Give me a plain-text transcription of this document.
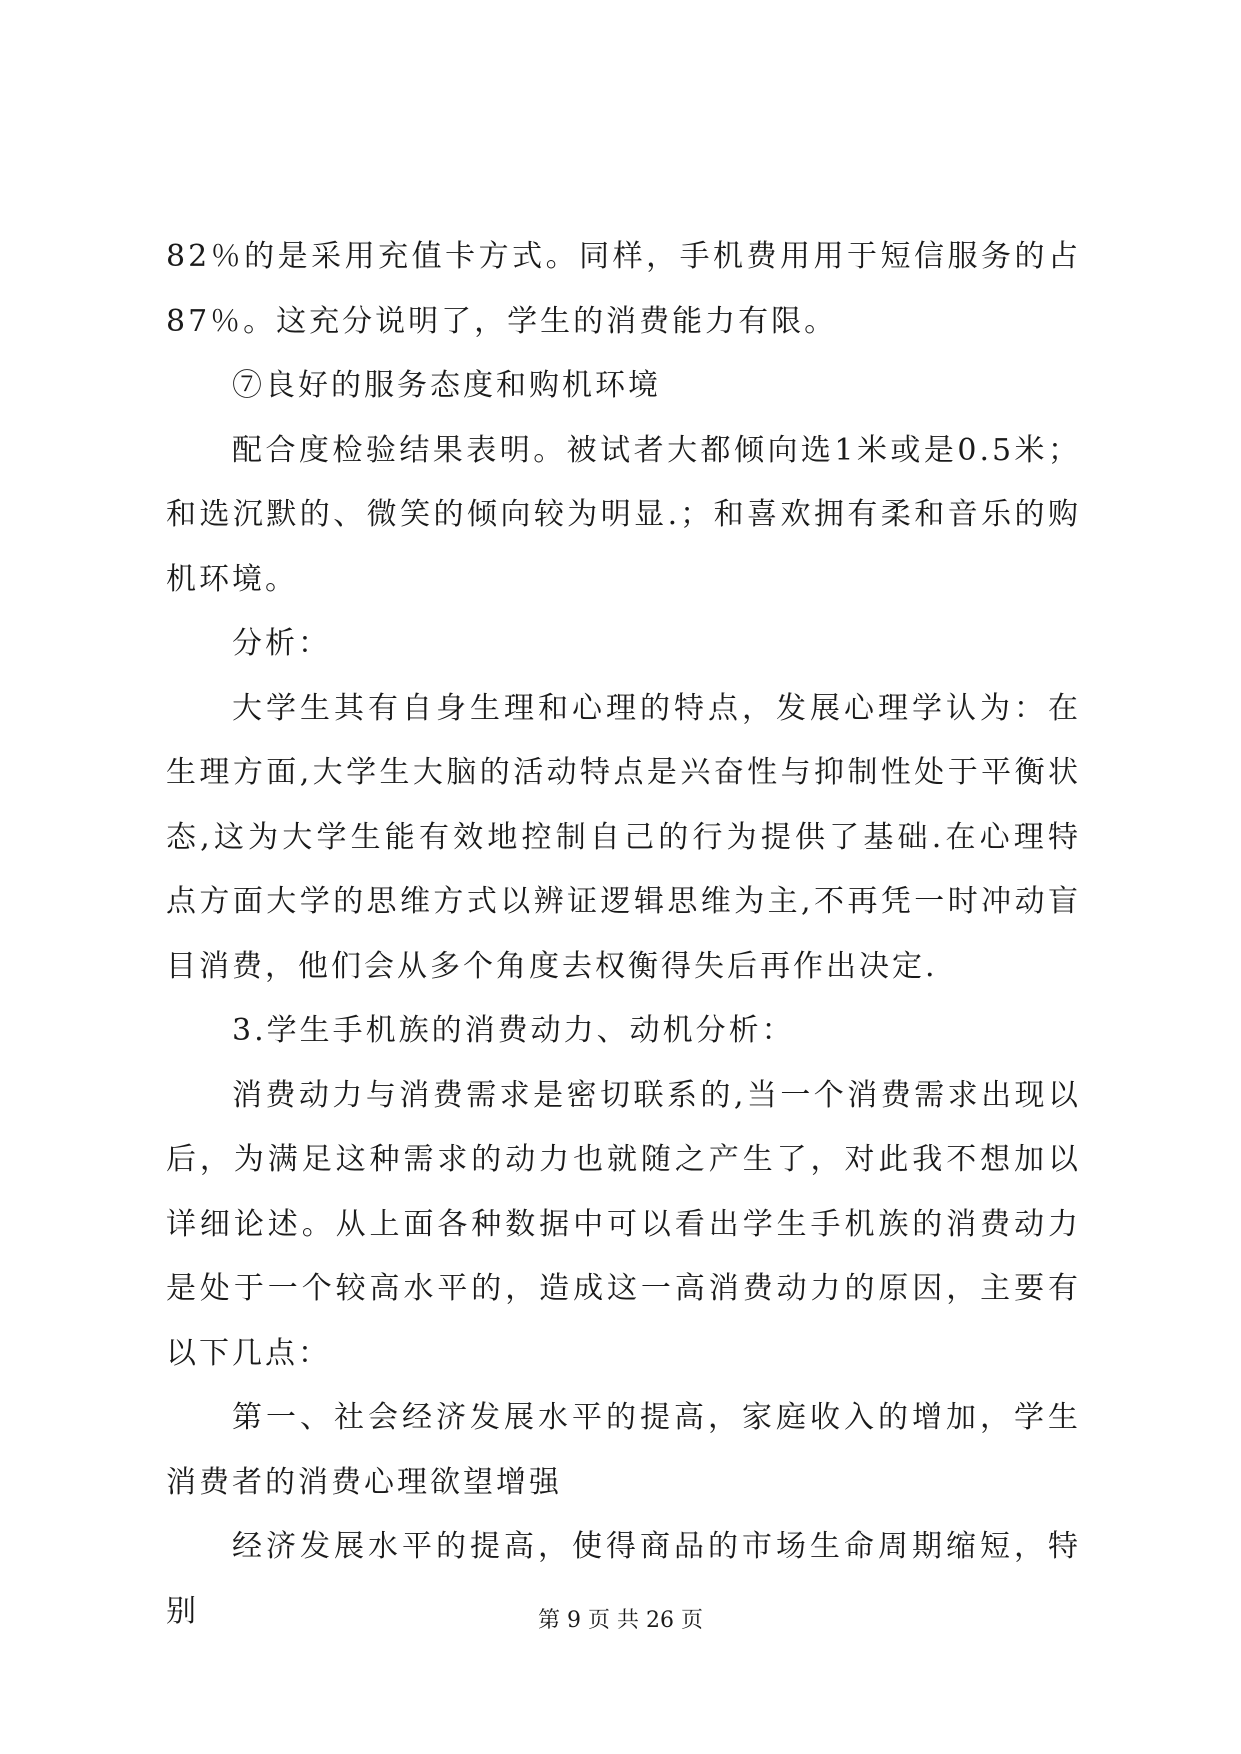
82％的是采用充值卡方式。同样，手机费用用于短信服务的占87％。这充分说明了，学生的消费能力有限。

⑦良好的服务态度和购机环境

配合度检验结果表明。被试者大都倾向选1米或是0.5米；和选沉默的、微笑的倾向较为明显.；和喜欢拥有柔和音乐的购机环境。

分析：

大学生其有自身生理和心理的特点，发展心理学认为：在生理方面,大学生大脑的活动特点是兴奋性与抑制性处于平衡状态,这为大学生能有效地控制自己的行为提供了基础.在心理特点方面大学的思维方式以辨证逻辑思维为主,不再凭一时冲动盲目消费，他们会从多个角度去权衡得失后再作出决定.

3.学生手机族的消费动力、动机分析：

消费动力与消费需求是密切联系的,当一个消费需求出现以后，为满足这种需求的动力也就随之产生了，对此我不想加以详细论述。从上面各种数据中可以看出学生手机族的消费动力是处于一个较高水平的，造成这一高消费动力的原因，主要有以下几点：

第一、社会经济发展水平的提高，家庭收入的增加，学生消费者的消费心理欲望增强

经济发展水平的提高，使得商品的市场生命周期缩短，特别	第 9 页 共 26 页
